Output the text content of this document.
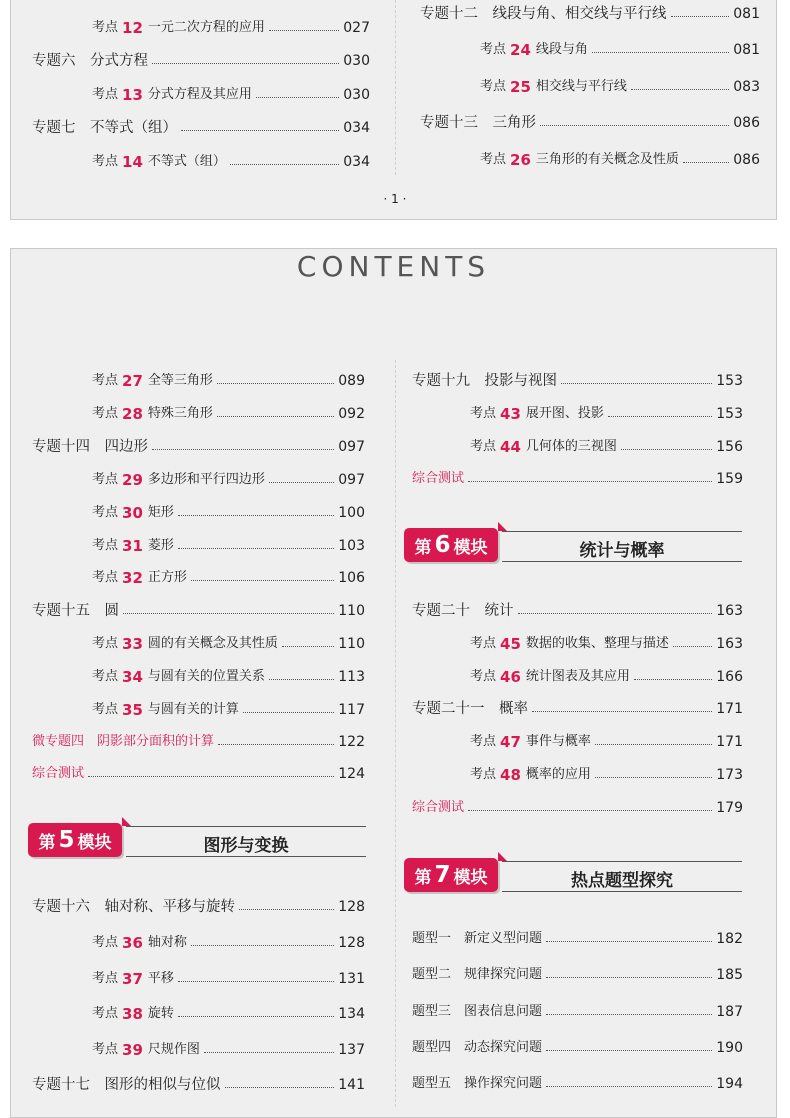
考点 12 一元二次方程的应用	027
专题六　分式方程	030
考点 13 分式方程及其应用	030
专题七　不等式（组）	034
考点 14 不等式（组）	034
专题十二　线段与角、相交线与平行线	081
考点 24 线段与角	081
考点 25 相交线与平行线	083
专题十三　三角形	086
考点 26 三角形的有关概念及性质	086
· 1 ·
CONTENTS
考点 27 全等三角形	089
考点 28 特殊三角形	092
专题十四　四边形	097
考点 29 多边形和平行四边形	097
考点 30 矩形	100
考点 31 菱形	103
考点 32 正方形	106
专题十五　圆	110
考点 33 圆的有关概念及其性质	110
考点 34 与圆有关的位置关系	113
考点 35 与圆有关的计算	117
微专题四　阴影部分面积的计算	122
综合测试	124
专题十六　轴对称、平移与旋转	128
考点 36 轴对称	128
考点 37 平移	131
考点 38 旋转	134
考点 39 尺规作图	137
专题十七　图形的相似与位似	141
专题十九　投影与视图	153
考点 43 展开图、投影	153
考点 44 几何体的三视图	156
综合测试	159
专题二十　统计	163
考点 45 数据的收集、整理与描述	163
考点 46 统计图表及其应用	166
专题二十一　概率	171
考点 47 事件与概率	171
考点 48 概率的应用	173
综合测试	179
题型一　新定义型问题	182
题型二　规律探究问题	185
题型三　图表信息问题	187
题型四　动态探究问题	190
题型五　操作探究问题	194
第 5 模块	图形与变换
第 6 模块	统计与概率
第 7 模块	热点题型探究
